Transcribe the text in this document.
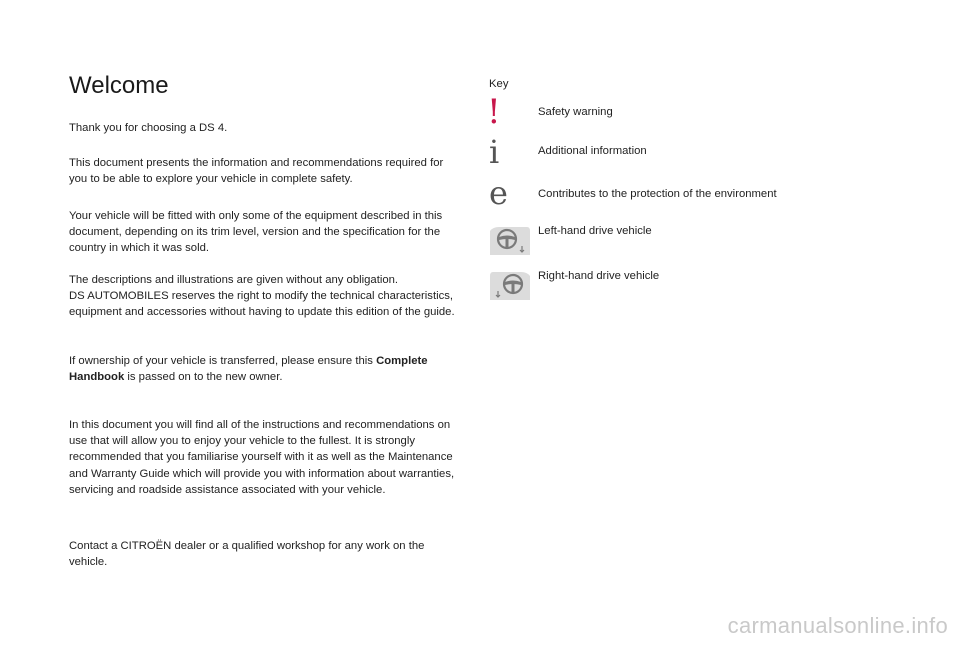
Welcome

Thank you for choosing a DS 4.

This document presents the information and recommendations required for you to be able to explore your vehicle in complete safety.

Your vehicle will be fitted with only some of the equipment described in this document, depending on its trim level, version and the specification for the country in which it was sold.

The descriptions and illustrations are given without any obligation.
DS AUTOMOBILES reserves the right to modify the technical characteristics, equipment and accessories without having to update this edition of the guide.

If ownership of your vehicle is transferred, please ensure this Complete Handbook is passed on to the new owner.

In this document you will find all of the instructions and recommendations on use that will allow you to enjoy your vehicle to the fullest. It is strongly recommended that you familiarise yourself with it as well as the Maintenance and Warranty Guide which will provide you with information about warranties, servicing and roadside assistance associated with your vehicle.

Contact a CITROËN dealer or a qualified workshop for any work on the vehicle.

Key
!	Safety warning
i	Additional information
e	Contributes to the protection of the environment
Left-hand drive vehicle
Right-hand drive vehicle
carmanualsonline.info
